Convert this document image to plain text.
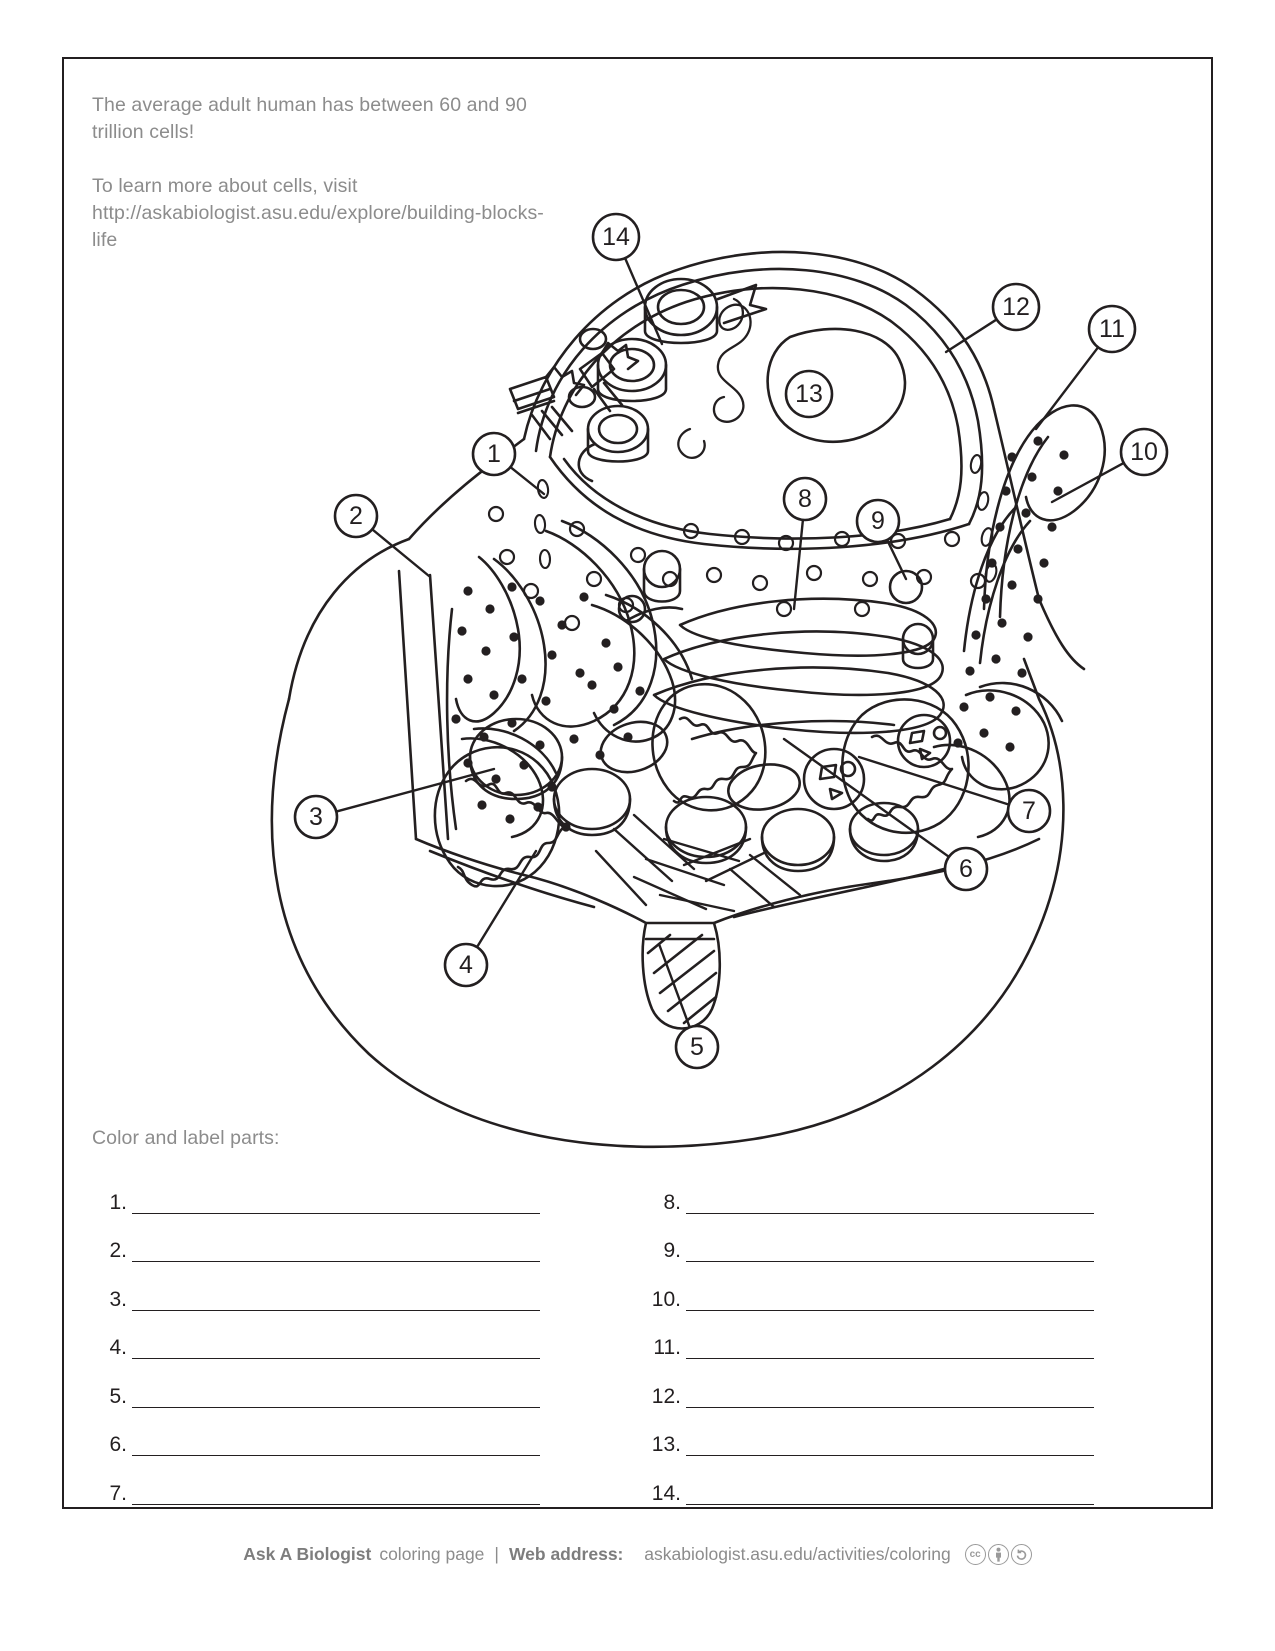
The average adult human has between 60 and 90 trillion cells!

To learn more about cells, visit http://askabiologist.asu.edu/explore/building-blocks-life

1
2
3
4
5
6
7
8
9
10
11
12
13
14
Color and label parts:
1.
2.
3.
4.
5.
6.
7.
8.
9.
10.
11.
12.
13.
14.
Ask A Biologist coloring page | Web address:
askabiologist.asu.edu/activities/coloring	cc
